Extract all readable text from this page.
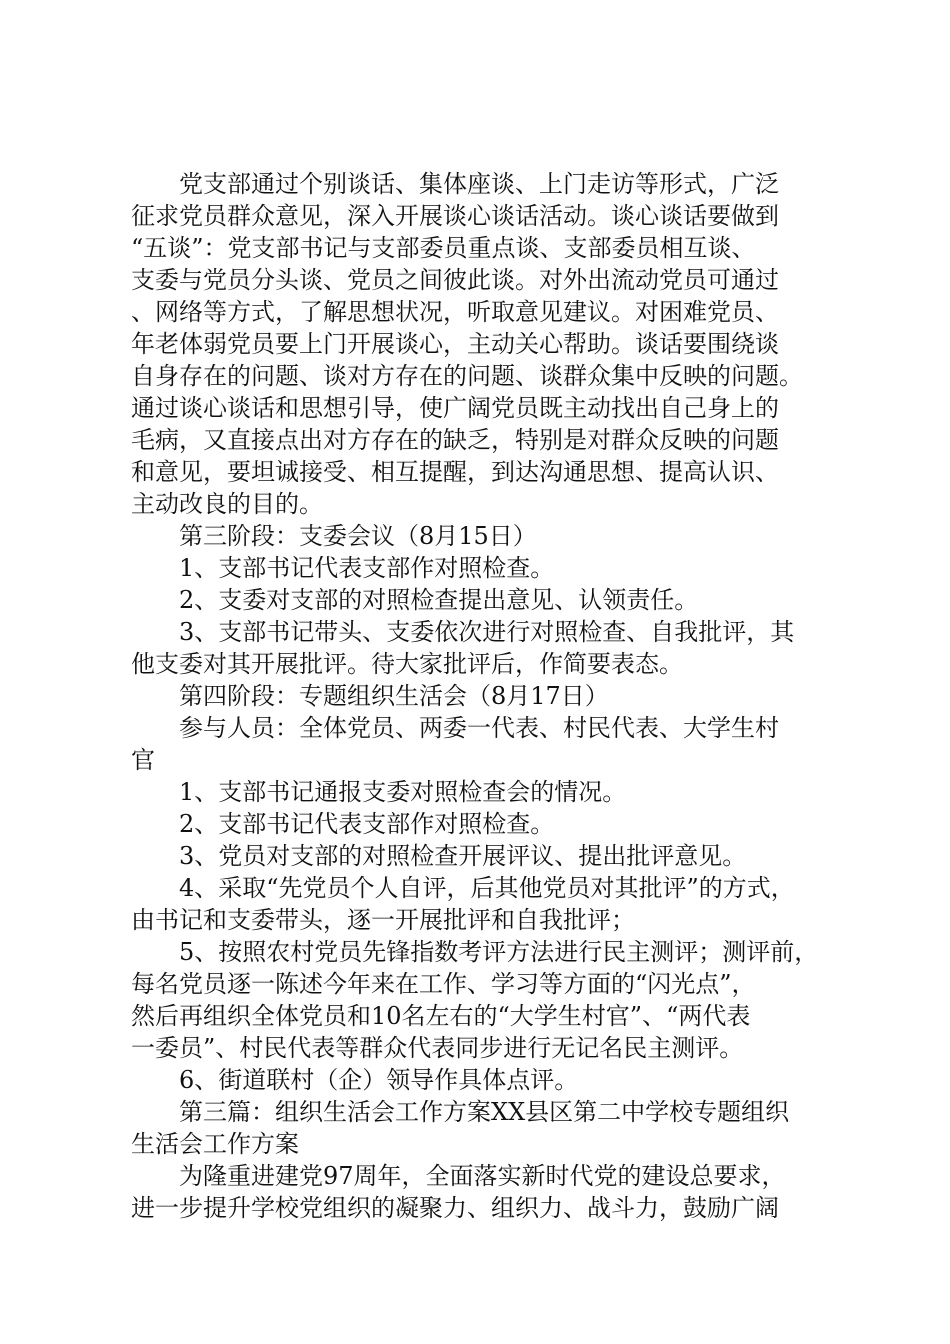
党支部通过个别谈话、集体座谈、上门走访等形式，广泛
征求党员群众意见，深入开展谈心谈话活动。谈心谈话要做到
“五谈”：党支部书记与支部委员重点谈、支部委员相互谈、
支委与党员分头谈、党员之间彼此谈。对外出流动党员可通过
、网络等方式，了解思想状况，听取意见建议。对困难党员、
年老体弱党员要上门开展谈心，主动关心帮助。谈话要围绕谈
自身存在的问题、谈对方存在的问题、谈群众集中反映的问题。
通过谈心谈话和思想引导，使广阔党员既主动找出自己身上的
毛病，又直接点出对方存在的缺乏，特别是对群众反映的问题
和意见，要坦诚接受、相互提醒，到达沟通思想、提高认识、
主动改良的目的。
第三阶段：支委会议（8月15日）
1、支部书记代表支部作对照检查。
2、支委对支部的对照检查提出意见、认领责任。
3、支部书记带头、支委依次进行对照检查、自我批评，其
他支委对其开展批评。待大家批评后，作简要表态。
第四阶段：专题组织生活会（8月17日）
参与人员：全体党员、两委一代表、村民代表、大学生村
官
1、支部书记通报支委对照检查会的情况。
2、支部书记代表支部作对照检查。
3、党员对支部的对照检查开展评议、提出批评意见。
4、采取“先党员个人自评，后其他党员对其批评”的方式，
由书记和支委带头，逐一开展批评和自我批评；
5、按照农村党员先锋指数考评方法进行民主测评；测评前，
每名党员逐一陈述今年来在工作、学习等方面的“闪光点”，
然后再组织全体党员和10名左右的“大学生村官”、“两代表
一委员”、村民代表等群众代表同步进行无记名民主测评。
6、街道联村（企）领导作具体点评。
第三篇：组织生活会工作方案XX县区第二中学校专题组织
生活会工作方案
为隆重进建党97周年，全面落实新时代党的建设总要求，
进一步提升学校党组织的凝聚力、组织力、战斗力，鼓励广阔
